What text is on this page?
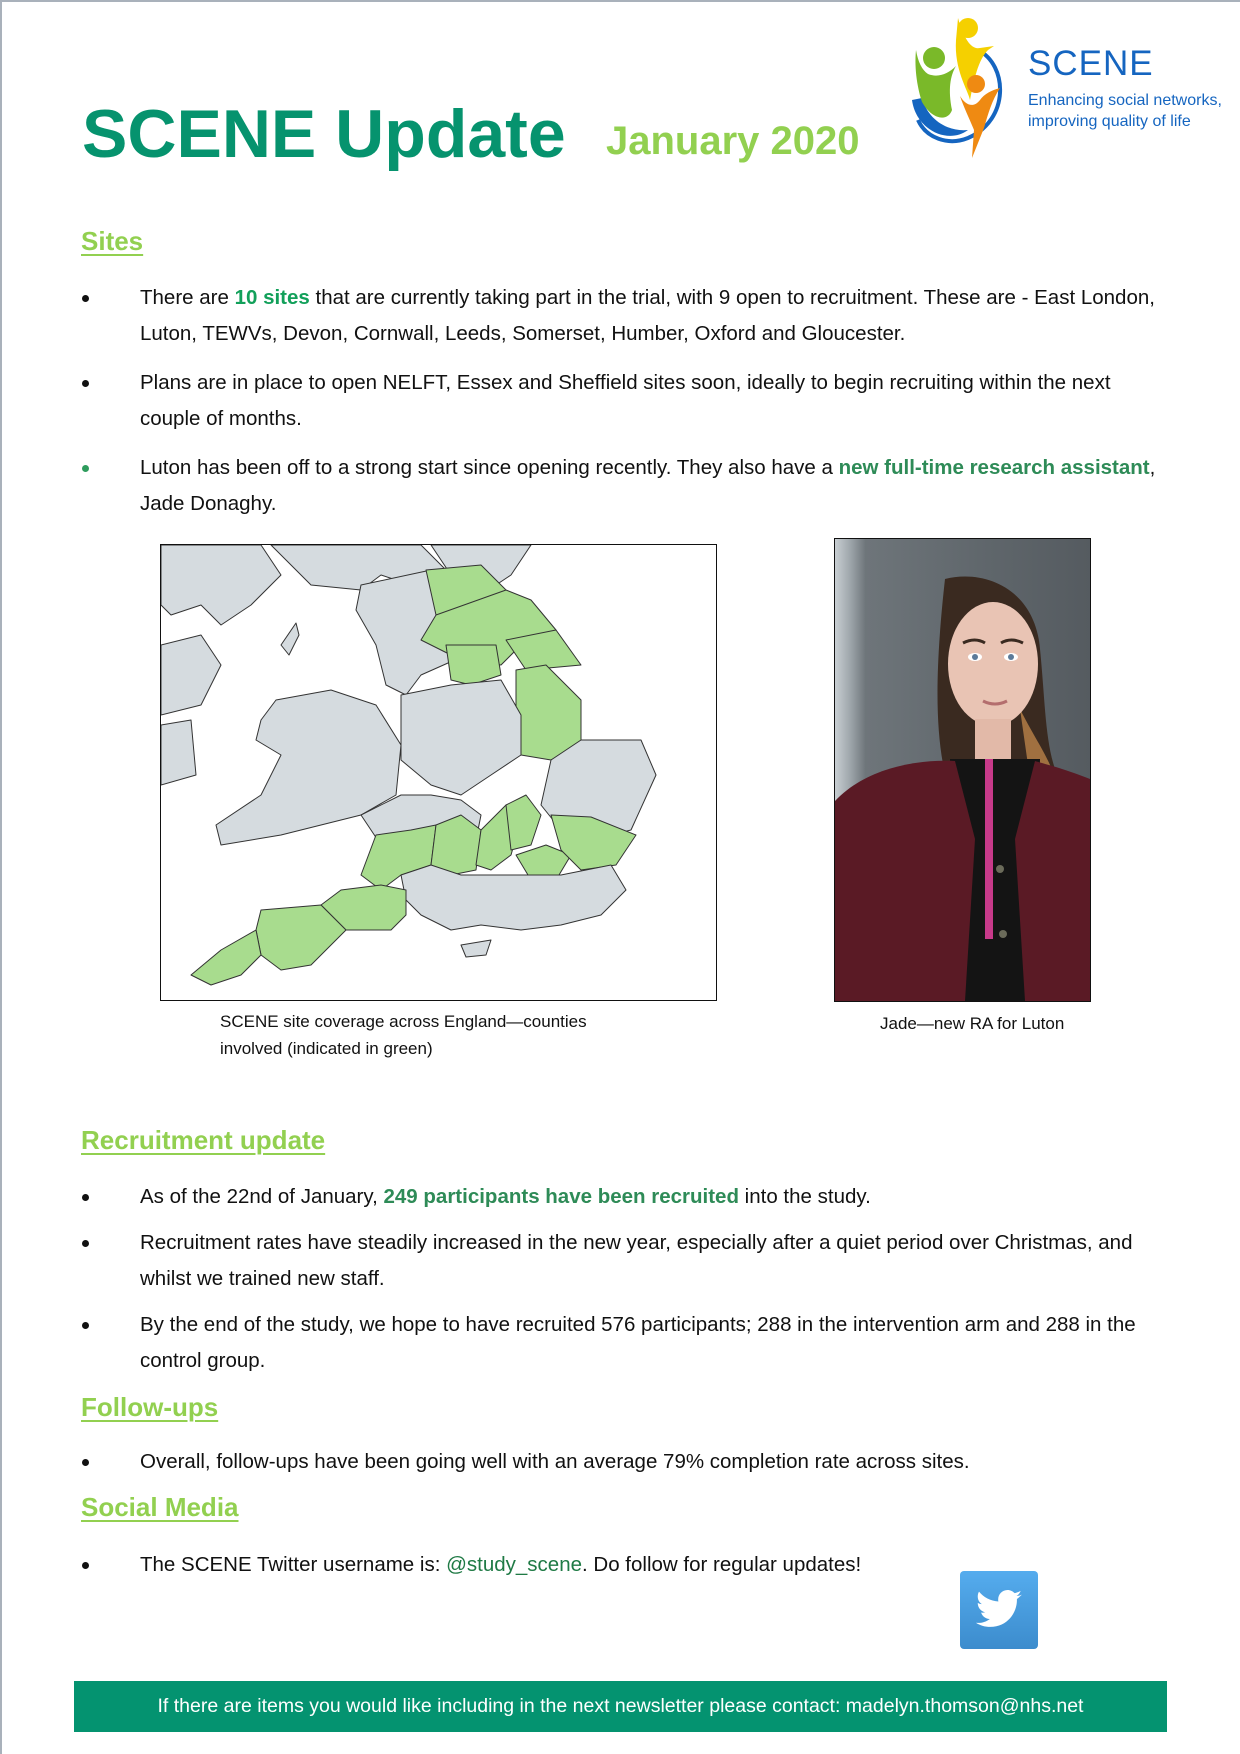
SCENE Update January 2020
SCENE
Enhancing social networks,
improving quality of life
Sites
There are 10 sites that are currently taking part in the trial, with 9 open to recruitment. These are - East London, Luton, TEWVs, Devon, Cornwall, Leeds, Somerset, Humber, Oxford and Gloucester.
Plans are in place to open NELFT, Essex and Sheffield sites soon, ideally to begin recruiting within the next couple of months.
Luton has been off to a strong start since opening recently. They also have a new full-time research assistant, Jade Donaghy.
SCENE site coverage across England—counties involved (indicated in green)
Jade—new RA for Luton
Recruitment update
As of the 22nd of January, 249 participants have been recruited into the study.
Recruitment rates have steadily increased in the new year, especially after a quiet period over Christmas, and whilst we trained new staff.
By the end of the study, we hope to have recruited 576 participants; 288 in the intervention arm and 288 in the control group.
Follow-ups
Overall, follow-ups have been going well with an average 79% completion rate across sites.
Social Media
The SCENE Twitter username is: @study_scene. Do follow for regular updates!
If there are items you would like including in the next newsletter please contact: madelyn.thomson@nhs.net
